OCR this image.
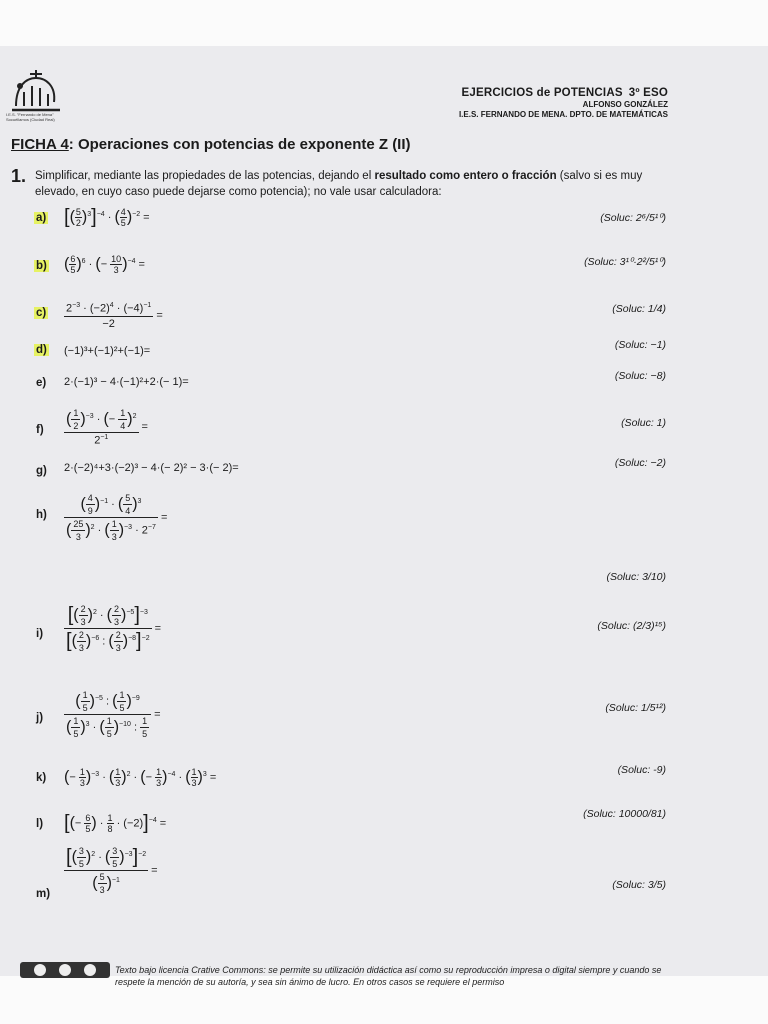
I.E.S. "Fernando de Mena" Socuéllamos (Ciudad Real)
EJERCICIOS de POTENCIAS 3º ESO
ALFONSO GONZÁLEZ
I.E.S. FERNANDO DE MENA. DPTO. DE MATEMÁTICAS
FICHA 4: Operaciones con potencias de exponente Z (II)
1. Simplificar, mediante las propiedades de las potencias, dejando el resultado como entero o fracción (salvo si es muy elevado, en cuyo caso puede dejarse como potencia); no vale usar calculadora:
a) [( $\frac{5}{2} )^3]^{-4}$ · ( $\frac{4}{5} )^{-2}$ =	(Soluc: 2⁶/5¹⁰)
b) ( $\frac{6}{5} )^6$ · (− $\frac{10}{3} )^{-4}$ =	(Soluc: 3¹⁰·2²/5¹⁰)
$c) \frac{2^{-3} \cdot (-2)^4 \cdot (-4)^{-1}}{-2}$ =
(Soluc: 1/4)
d) (−1)³+(−1)²+(−1)=	(Soluc: −1)
e) 2·(−1)³ − 4·(−1)²+2·(− 1)=	(Soluc: −8)
$f) \frac{( \frac{1}{2} )^{-3} \cdot (- \frac{1}{4} )^2}{2^{-1}}$ =	(Soluc: 1)
g) 2·(−2)⁴+3·(−2)³ − 4·(− 2)² − 3·(− 2)=	(Soluc: −2)
$h) \frac{( \frac{4}{9} )^{-1} \cdot ( \frac{5}{4} )^3}{( \frac{25}{3} )^2 \cdot ( \frac{1}{3} )^{-3} \cdot 2^{-7}}$ =
(Soluc: 3/10)
$i) \frac{[( \frac{2}{3} )^2 \cdot ( \frac{2}{3} )^{-5}]^{-3}}{[( \frac{2}{3} )^{-6} : ( \frac{2}{3} )^{-8}]^{-2}}$ =	(Soluc: (2/3)¹⁵)
$j) \frac{( \frac{1}{5} )^{-5} : ( \frac{1}{5} )^{-9}}{( \frac{1}{5} )^3 \cdot ( \frac{1}{5} )^{-10} : \frac{1}{5}}$ =
(Soluc: 1/5¹²)
k) (− $\frac{1}{3} )^{-3}$ · ( $\frac{1}{3} )^2$ · (− $\frac{1}{3} )^{-4}$ · ( $\frac{1}{3} )^3$ =
(Soluc: -9)
l) [(− $\frac{6}{5}$ ) · $\frac{1}{8} \cdot (-2)]^{-4}$ =
(Soluc: 10000/81)
$m) \frac{[( \frac{3}{5} )^2 \cdot ( \frac{3}{5} )^{-3}]^{-2}}{( \frac{5}{3} )^{-1}}$ =
(Soluc: 3/5)
Texto bajo licencia Crative Commons: se permite su utilización didáctica así como su reproducción impresa o digital siempre y cuando se respete la mención de su autoría, y sea sin ánimo de lucro. En otros casos se requiere el permiso
